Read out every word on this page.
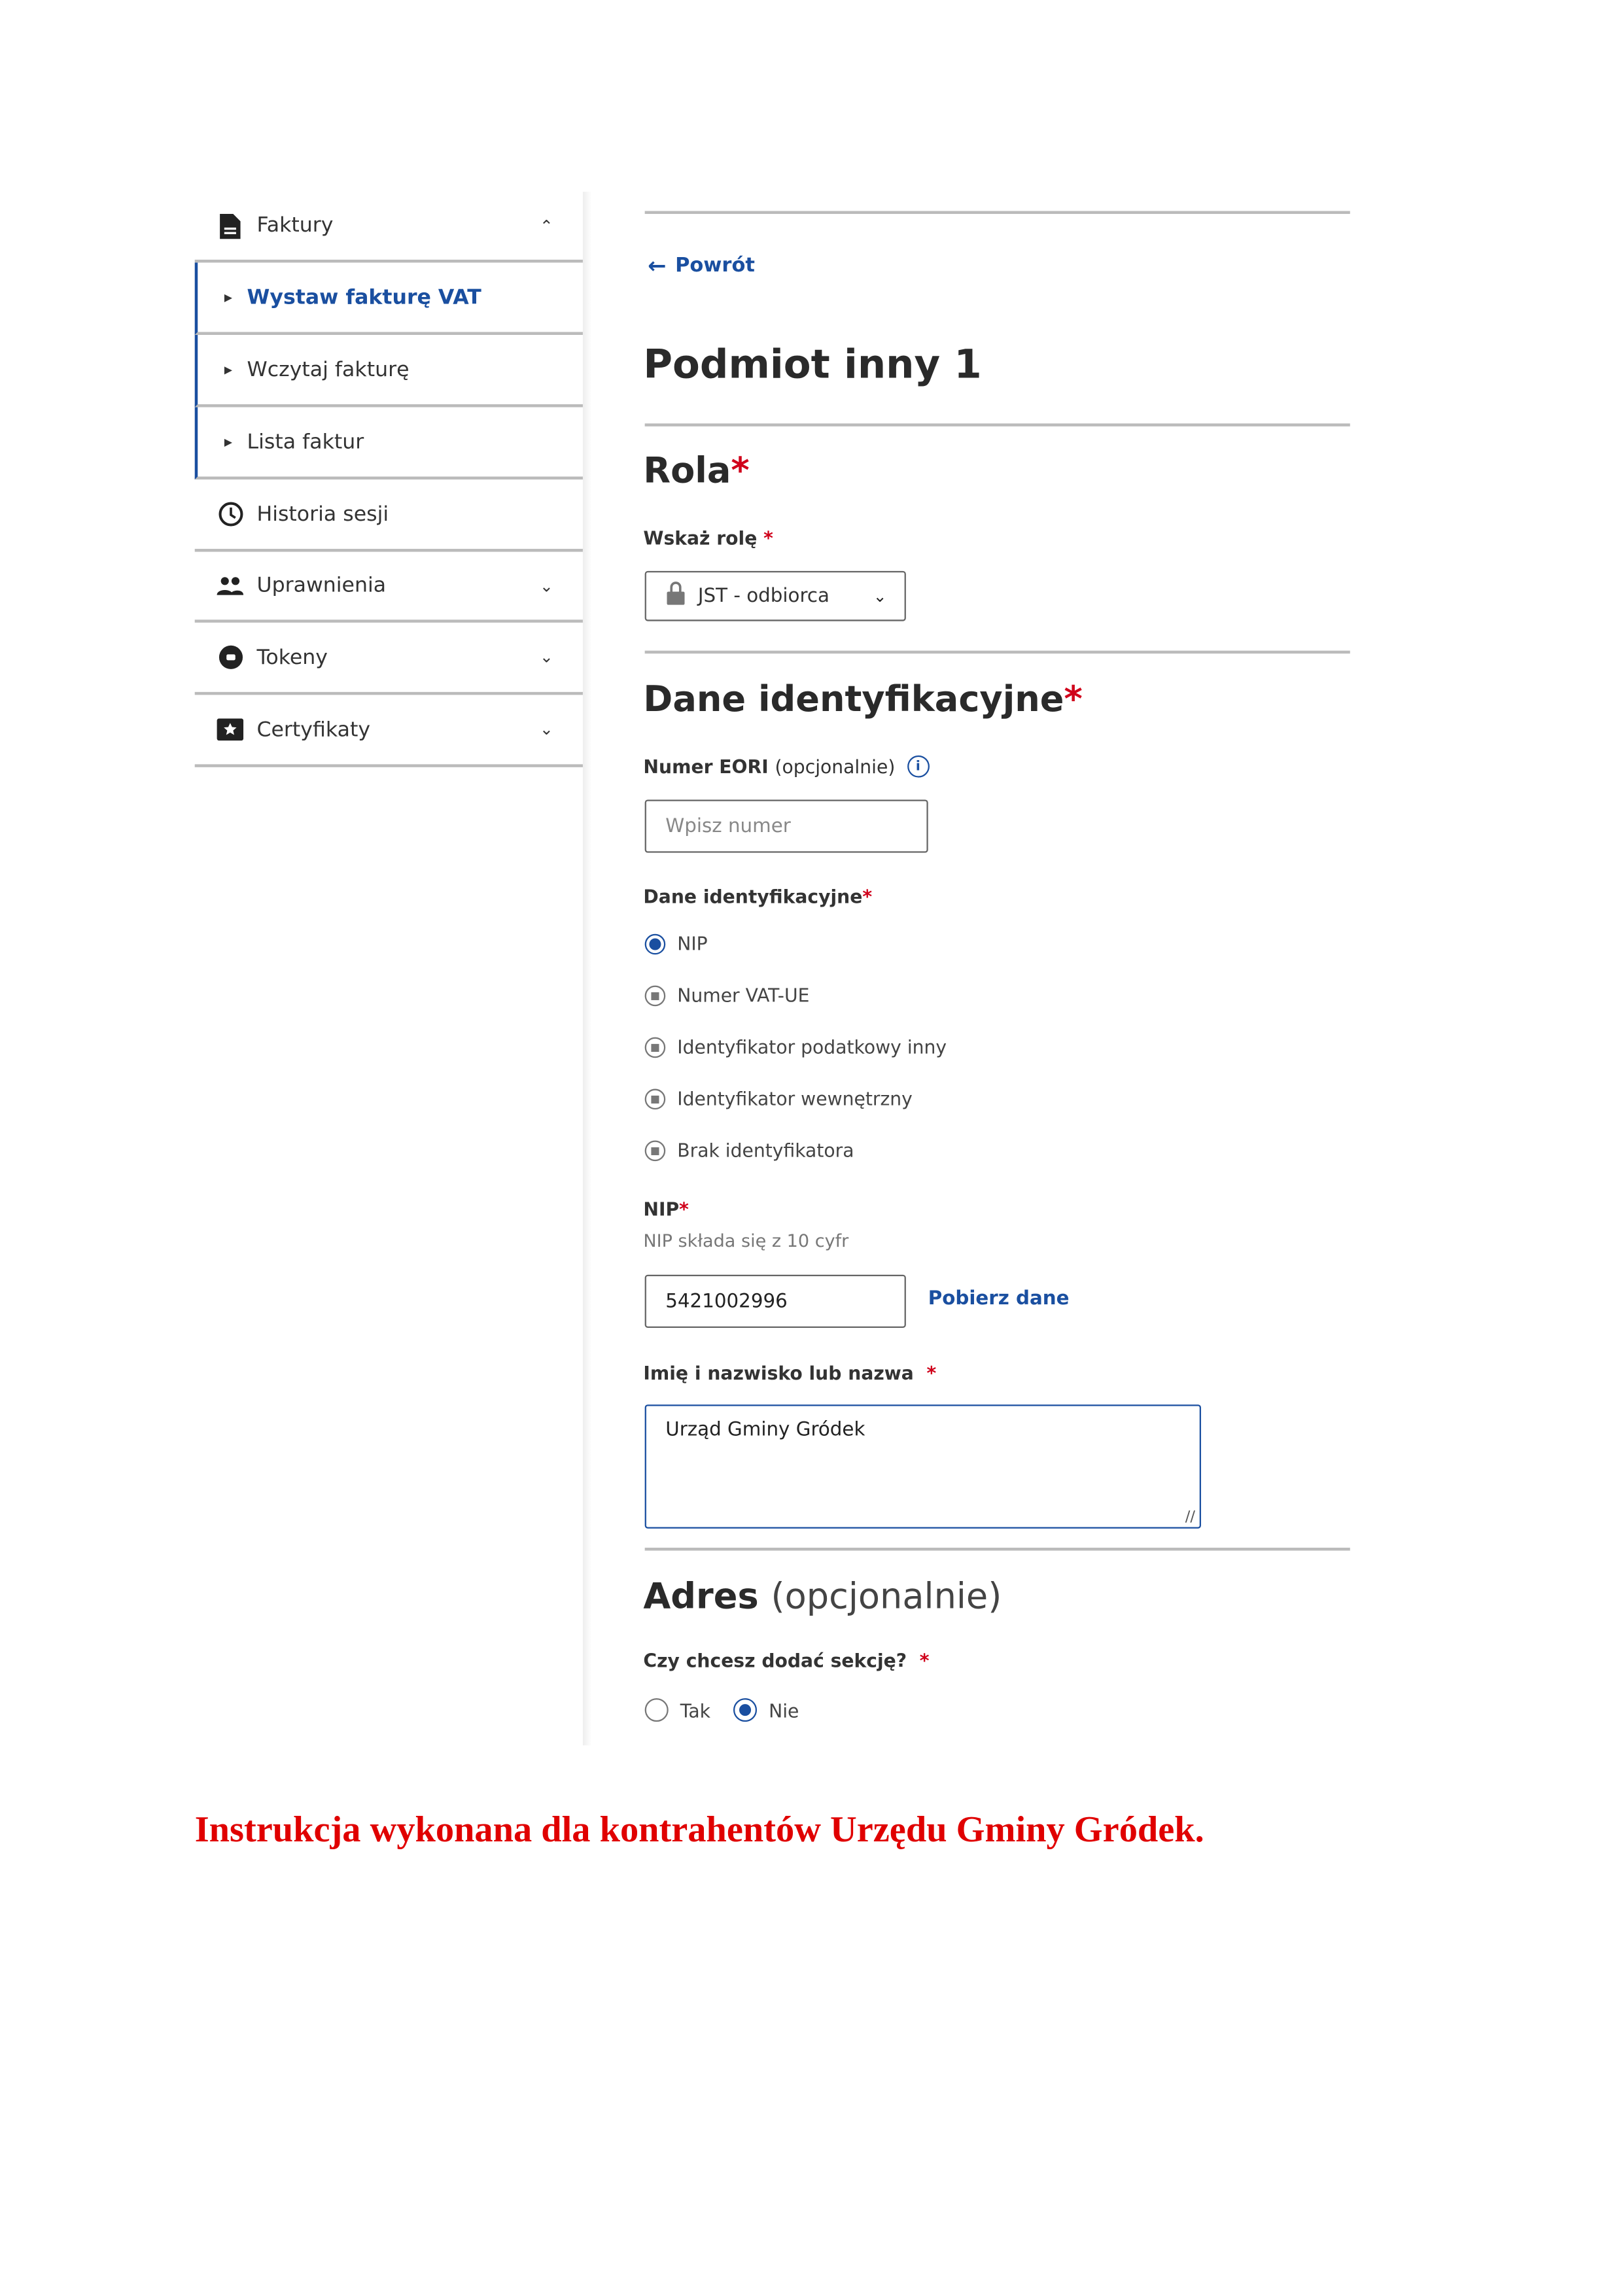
Faktury	⌃
▶ Wystaw fakturę VAT
▶ Wczytaj fakturę
▶ Lista faktur
Historia sesji
Uprawnienia	⌄
Tokeny	⌄
Certyfikaty	⌄
← Powrót
Podmiot inny 1
Rola*
Wskaż rolę *
JST - odbiorca	⌄
Dane identyfikacyjne*
Numer EORI
(opcjonalnie)	i
Wpisz numer
Dane identyfikacyjne*
NIP
■	Numer VAT-UE
■	Identyfikator podatkowy inny
■	Identyfikator wewnętrzny
■	Brak identyfikatora
NIP*
NIP składa się z 10 cyfr
5421002996	Pobierz dane
Imię i nazwisko lub nazwa *
Urząd Gminy Gródek
∕∕
Adres (opcjonalnie)
Czy chcesz dodać sekcję? *
Tak	Nie
Instrukcja wykonana dla kontrahentów Urzędu Gminy Gródek.
